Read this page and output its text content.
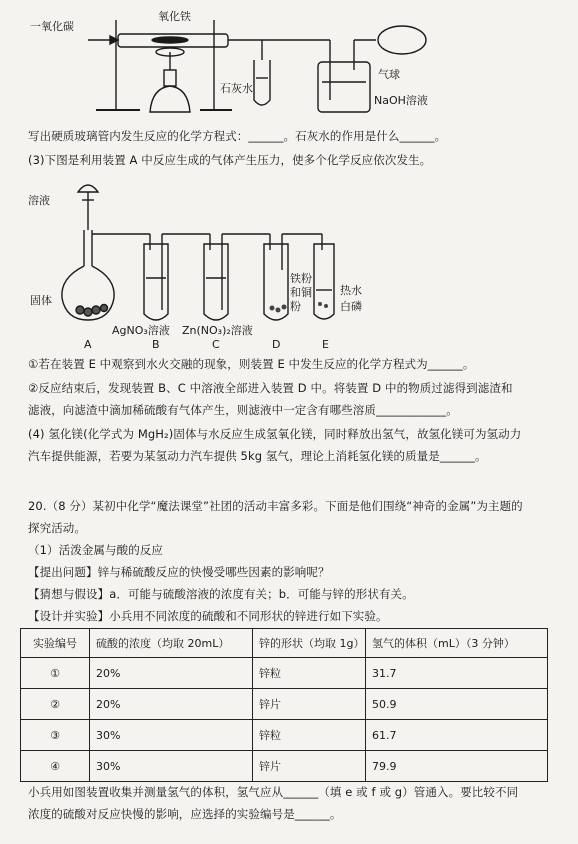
一氧化碳
氧化铁
石灰水
气球
NaOH溶液
写出硬质玻璃管内发生反应的化学方程式：______。石灰水的作用是什么______。
(3)下图是利用装置 A 中反应生成的气体产生压力，使多个化学反应依次发生。
溶液
固体
AgNO₃溶液 Zn(NO₃)₂溶液
铁粉和铜粉
热水
白磷
A	B	C	D	E
①若在装置 E 中观察到水火交融的现象，则装置 E 中发生反应的化学方程式为______。
②反应结束后，发现装置 B、C 中溶液全部进入装置 D 中。将装置 D 中的物质过滤得到滤渣和
滤液，向滤渣中滴加稀硫酸有气体产生，则滤液中一定含有哪些溶质____________。
(4) 氢化镁(化学式为 MgH₂)固体与水反应生成氢氧化镁，同时释放出氢气，故氢化镁可为氢动力
汽车提供能源，若要为某氢动力汽车提供 5kg 氢气，理论上消耗氢化镁的质量是______。
20.（8 分）某初中化学“魔法课堂”社团的活动丰富多彩。下面是他们围绕“神奇的金属”为主题的
探究活动。
（1）活泼金属与酸的反应
【提出问题】锌与稀硫酸反应的快慢受哪些因素的影响呢？
【猜想与假设】a．可能与硫酸溶液的浓度有关；b．可能与锌的形状有关。
【设计并实验】小兵用不同浓度的硫酸和不同形状的锌进行如下实验。
实验编号	硫酸的浓度（均取 20mL）	锌的形状（均取 1g）	氢气的体积（mL）（3 分钟）
①	20%	锌粒	31.7
②	20%	锌片	50.9
③	30%	锌粒	61.7
④	30%	锌片	79.9
小兵用如图装置收集并测量氢气的体积，氢气应从______（填 e 或 f 或 g）管通入。要比较不同
浓度的硫酸对反应快慢的影响，应选择的实验编号是______。
